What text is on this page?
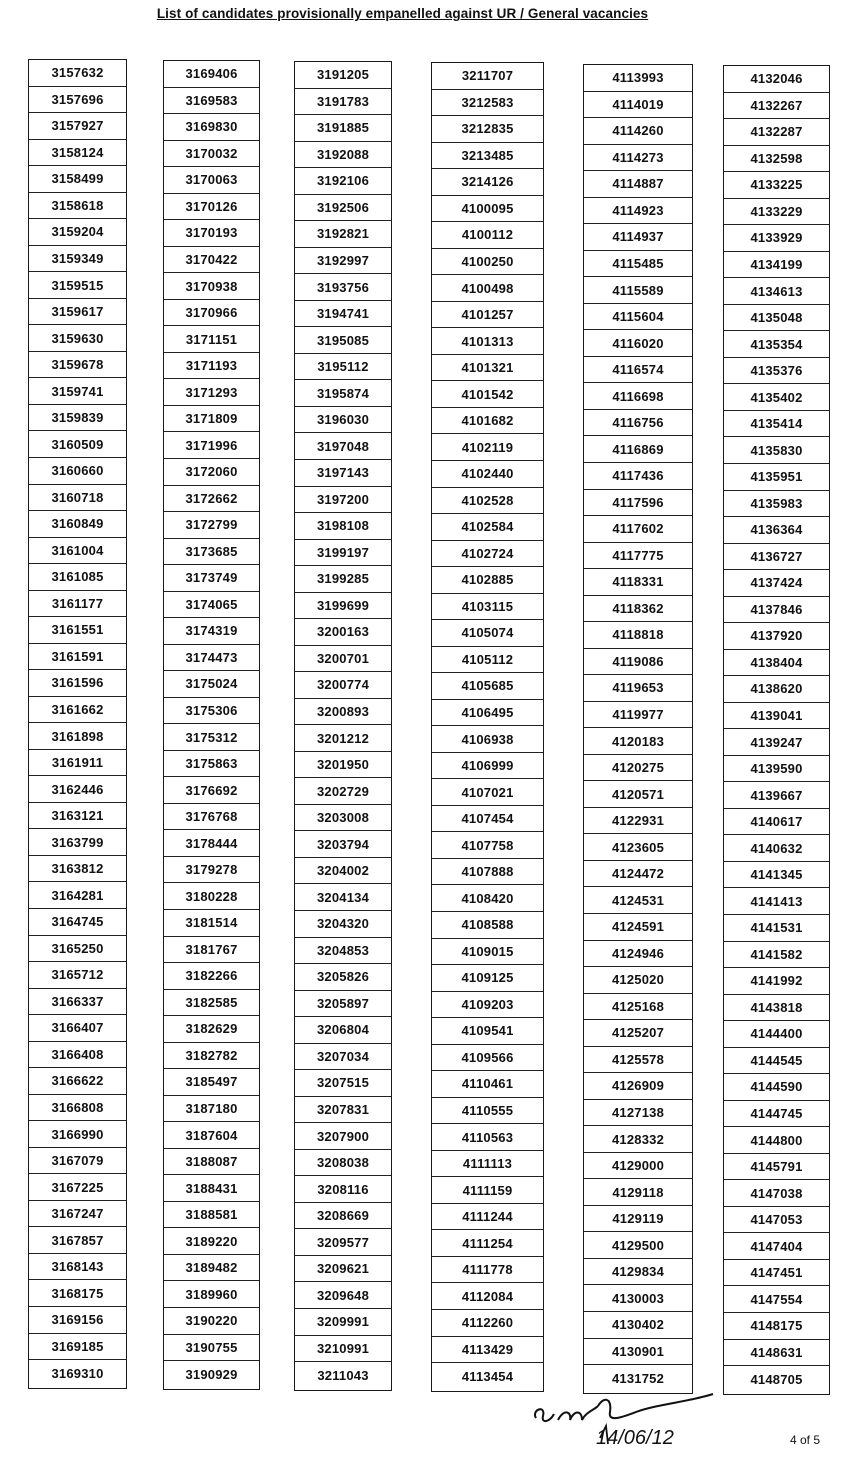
List of candidates provisionally empanelled against UR / General vacancies
3157632
3157696
3157927
3158124
3158499
3158618
3159204
3159349
3159515
3159617
3159630
3159678
3159741
3159839
3160509
3160660
3160718
3160849
3161004
3161085
3161177
3161551
3161591
3161596
3161662
3161898
3161911
3162446
3163121
3163799
3163812
3164281
3164745
3165250
3165712
3166337
3166407
3166408
3166622
3166808
3166990
3167079
3167225
3167247
3167857
3168143
3168175
3169156
3169185
3169310
3169406
3169583
3169830
3170032
3170063
3170126
3170193
3170422
3170938
3170966
3171151
3171193
3171293
3171809
3171996
3172060
3172662
3172799
3173685
3173749
3174065
3174319
3174473
3175024
3175306
3175312
3175863
3176692
3176768
3178444
3179278
3180228
3181514
3181767
3182266
3182585
3182629
3182782
3185497
3187180
3187604
3188087
3188431
3188581
3189220
3189482
3189960
3190220
3190755
3190929
3191205
3191783
3191885
3192088
3192106
3192506
3192821
3192997
3193756
3194741
3195085
3195112
3195874
3196030
3197048
3197143
3197200
3198108
3199197
3199285
3199699
3200163
3200701
3200774
3200893
3201212
3201950
3202729
3203008
3203794
3204002
3204134
3204320
3204853
3205826
3205897
3206804
3207034
3207515
3207831
3207900
3208038
3208116
3208669
3209577
3209621
3209648
3209991
3210991
3211043
3211707
3212583
3212835
3213485
3214126
4100095
4100112
4100250
4100498
4101257
4101313
4101321
4101542
4101682
4102119
4102440
4102528
4102584
4102724
4102885
4103115
4105074
4105112
4105685
4106495
4106938
4106999
4107021
4107454
4107758
4107888
4108420
4108588
4109015
4109125
4109203
4109541
4109566
4110461
4110555
4110563
4111113
4111159
4111244
4111254
4111778
4112084
4112260
4113429
4113454
4113993
4114019
4114260
4114273
4114887
4114923
4114937
4115485
4115589
4115604
4116020
4116574
4116698
4116756
4116869
4117436
4117596
4117602
4117775
4118331
4118362
4118818
4119086
4119653
4119977
4120183
4120275
4120571
4122931
4123605
4124472
4124531
4124591
4124946
4125020
4125168
4125207
4125578
4126909
4127138
4128332
4129000
4129118
4129119
4129500
4129834
4130003
4130402
4130901
4131752
4132046
4132267
4132287
4132598
4133225
4133229
4133929
4134199
4134613
4135048
4135354
4135376
4135402
4135414
4135830
4135951
4135983
4136364
4136727
4137424
4137846
4137920
4138404
4138620
4139041
4139247
4139590
4139667
4140617
4140632
4141345
4141413
4141531
4141582
4141992
4143818
4144400
4144545
4144590
4144745
4144800
4145791
4147038
4147053
4147404
4147451
4147554
4148175
4148631
4148705
14/06/12	4 of 5
